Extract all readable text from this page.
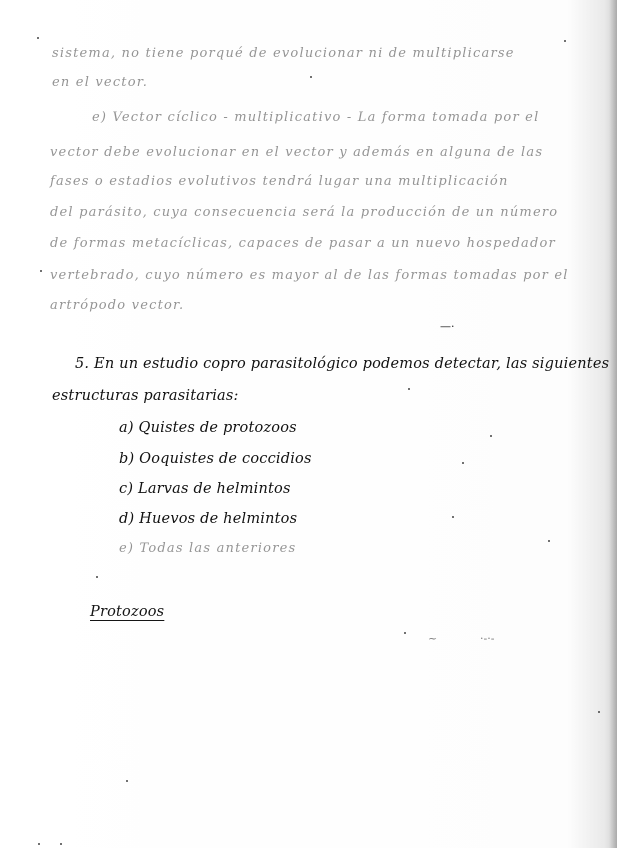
sistema, no tiene porqué de evolucionar ni de multiplicarse
en el vector.
e) Vector cíclico - multiplicativo - La forma tomada por el
vector debe evolucionar en el vector y además en alguna de las
fases o estadios evolutivos tendrá lugar una multiplicación
del parásito, cuya consecuencia será la producción de un número
de formas metacíclicas, capaces de pasar a un nuevo hospedador
vertebrado, cuyo número es mayor al de las formas tomadas por el
artrópodo vector.
5. En un estudio copro parasitológico podemos detectar, las siguientes
estructuras parasitarias:
a) Quistes de protozoos
b) Ooquistes de coccidios
c) Larvas de helmintos
d) Huevos de helmintos
e) Todas las anteriores
Protozoos
—·
~	·-·-
